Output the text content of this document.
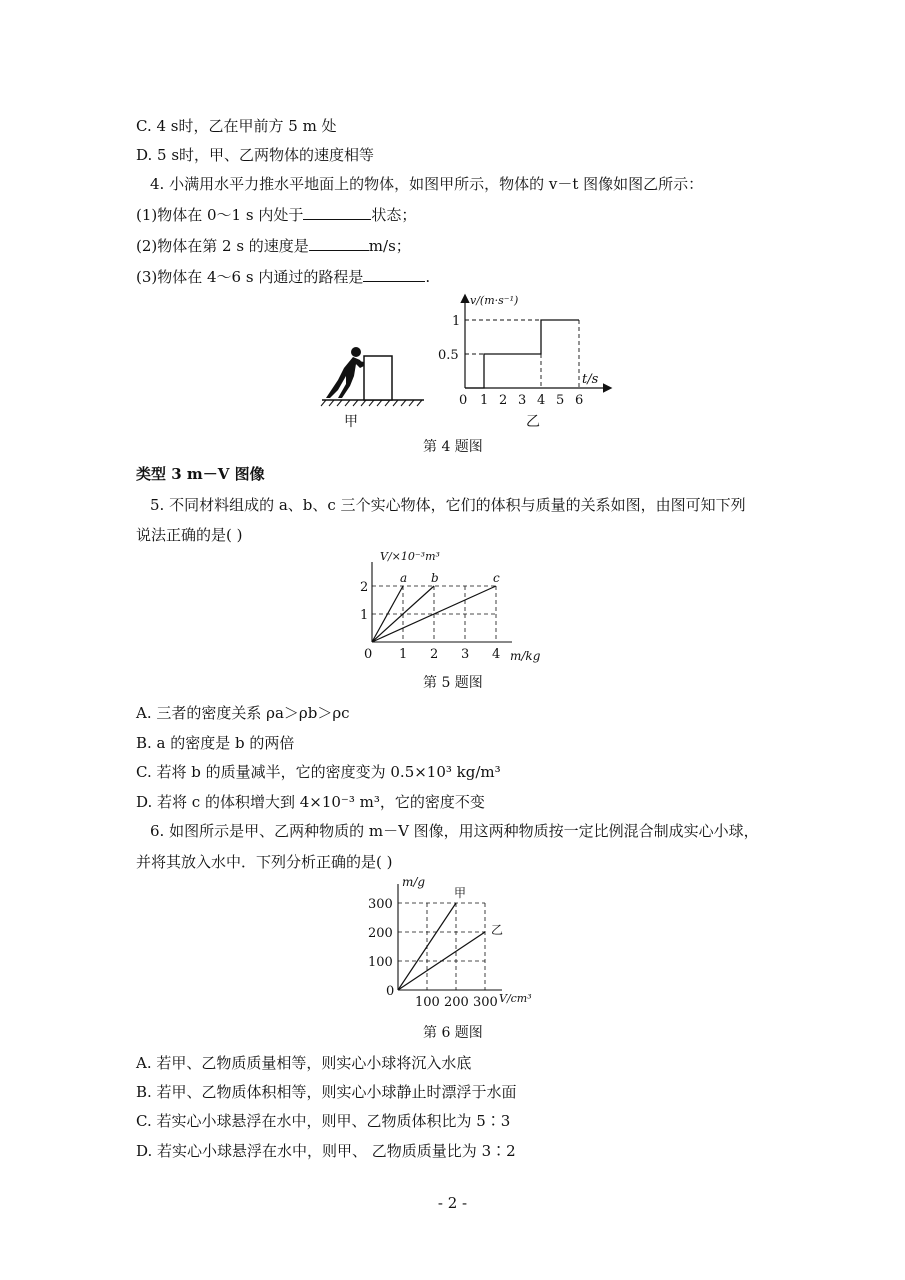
C. 4 s时，乙在甲前方 5 m 处
D. 5 s时，甲、乙两物体的速度相等
4. 小满用水平力推水平地面上的物体，如图甲所示，物体的 v－t 图像如图乙所示：
(1)物体在 0～1 s 内处于	状态；
(2)物体在第 2 s 的速度是	m/s；
(3)物体在 4～6 s 内通过的路程是	.
0 1 2 3 4 5 6
0.5
1
t/s
v/(m·s⁻¹)
甲	乙
第 4 题图
类型 3 m－V 图像
5. 不同材料组成的 a、b、c 三个实心物体，它们的体积与质量的关系如图，由图可知下列
说法正确的是( )
a b	c
0 1 2 3 4
1
2
m/kg
V/×10⁻³m³
第 5 题图
A. 三者的密度关系 ρa＞ρb＞ρc
B. a 的密度是 b 的两倍
C. 若将 b 的质量减半，它的密度变为 0.5×10³ kg/m³
D. 若将 c 的体积增大到 4×10⁻³ m³，它的密度不变
6. 如图所示是甲、乙两种物质的 m－V 图像，用这两种物质按一定比例混合制成实心小球，
并将其放入水中．下列分析正确的是( )
甲
乙
100 200 300
0
100
200
300
V/cm³
m/g
第 6 题图
A. 若甲、乙物质质量相等，则实心小球将沉入水底
B. 若甲、乙物质体积相等，则实心小球静止时漂浮于水面
C. 若实心小球悬浮在水中，则甲、乙物质体积比为 5∶3
D. 若实心小球悬浮在水中，则甲、 乙物质质量比为 3∶2
- 2 -
